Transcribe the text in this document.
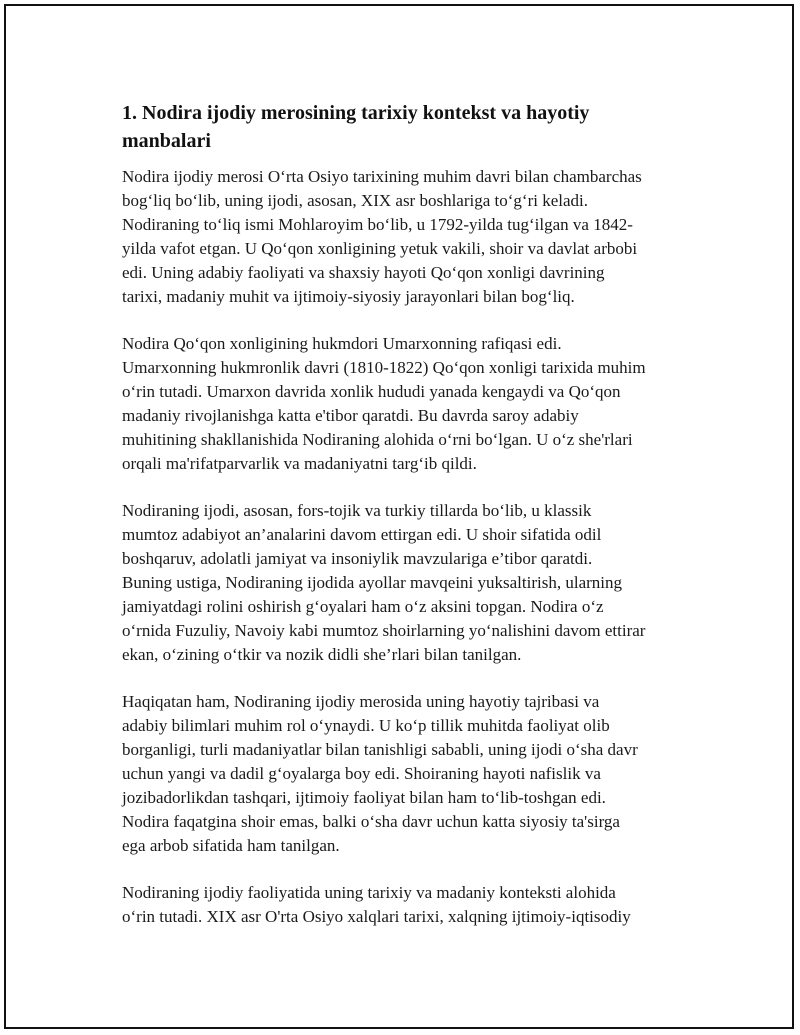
1. Nodira ijodiy merosining tarixiy kontekst va hayotiy
manbalari

Nodira ijodiy merosi O‘rta Osiyo tarixining muhim davri bilan chambarchas
bog‘liq bo‘lib, uning ijodi, asosan, XIX asr boshlariga to‘g‘ri keladi.
Nodiraning to‘liq ismi Mohlaroyim bo‘lib, u 1792-yilda tug‘ilgan va 1842-
yilda vafot etgan. U Qo‘qon xonligining yetuk vakili, shoir va davlat arbobi
edi. Uning adabiy faoliyati va shaxsiy hayoti Qo‘qon xonligi davrining
tarixi, madaniy muhit va ijtimoiy-siyosiy jarayonlari bilan bog‘liq.

Nodira Qo‘qon xonligining hukmdori Umarxonning rafiqasi edi.
Umarxonning hukmronlik davri (1810-1822) Qo‘qon xonligi tarixida muhim
o‘rin tutadi. Umarxon davrida xonlik hududi yanada kengaydi va Qo‘qon
madaniy rivojlanishga katta e'tibor qaratdi. Bu davrda saroy adabiy
muhitining shakllanishida Nodiraning alohida o‘rni bo‘lgan. U o‘z she'rlari
orqali ma'rifatparvarlik va madaniyatni targ‘ib qildi.

Nodiraning ijodi, asosan, fors-tojik va turkiy tillarda bo‘lib, u klassik
mumtoz adabiyot an’analarini davom ettirgan edi. U shoir sifatida odil
boshqaruv, adolatli jamiyat va insoniylik mavzulariga e’tibor qaratdi.
Buning ustiga, Nodiraning ijodida ayollar mavqeini yuksaltirish, ularning
jamiyatdagi rolini oshirish g‘oyalari ham o‘z aksini topgan. Nodira o‘z
o‘rnida Fuzuliy, Navoiy kabi mumtoz shoirlarning yo‘nalishini davom ettirar
ekan, o‘zining o‘tkir va nozik didli she’rlari bilan tanilgan.

Haqiqatan ham, Nodiraning ijodiy merosida uning hayotiy tajribasi va
adabiy bilimlari muhim rol o‘ynaydi. U ko‘p tillik muhitda faoliyat olib
borganligi, turli madaniyatlar bilan tanishligi sababli, uning ijodi o‘sha davr
uchun yangi va dadil g‘oyalarga boy edi. Shoiraning hayoti nafislik va
jozibadorlikdan tashqari, ijtimoiy faoliyat bilan ham to‘lib-toshgan edi.
Nodira faqatgina shoir emas, balki o‘sha davr uchun katta siyosiy ta'sirga
ega arbob sifatida ham tanilgan.

Nodiraning ijodiy faoliyatida uning tarixiy va madaniy konteksti alohida
o‘rin tutadi. XIX asr O'rta Osiyo xalqlari tarixi, xalqning ijtimoiy-iqtisodiy
